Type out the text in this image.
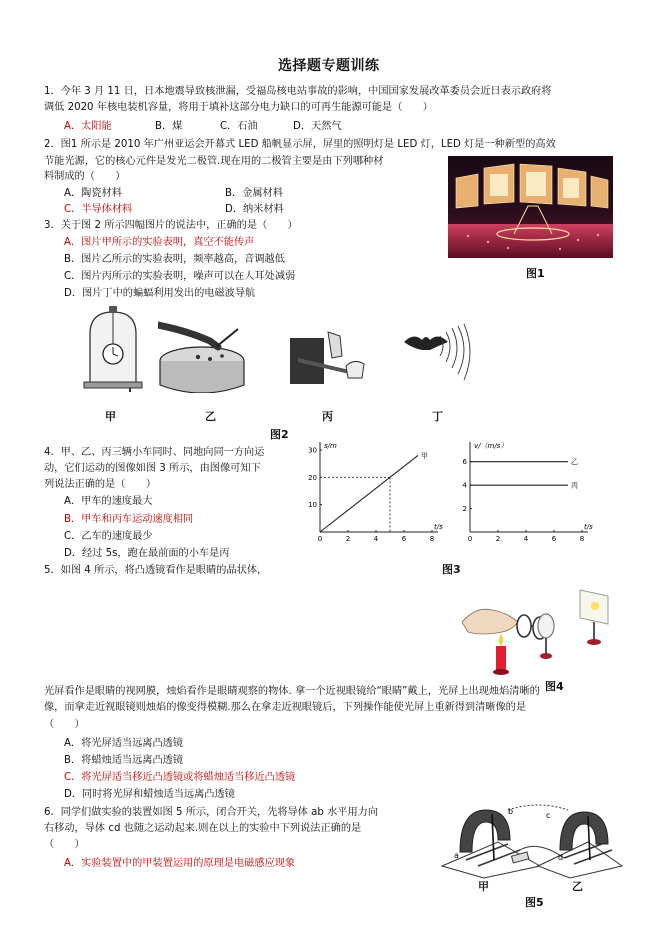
选择题专题训练
1．今年 3 月 11 日，日本地震导致核泄漏，受福岛核电站事故的影响，中国国家发展改革委员会近日表示政府将
调低 2020 年核电装机容量，将用于填补这部分电力缺口的可再生能源可能是（　　）
A．太阳能	B．煤	C．石油	D．天然气
2．图1 所示是 2010 年广州亚运会开幕式 LED 船帆显示屏，屏里的照明灯是 LED 灯，LED 灯是一种新型的高效
节能光源，它的核心元件是发光二极管.现在用的二极管主要是由下列哪种材
料制成的（　　）
A．陶瓷材料	B．金属材料
C．半导体材料	D．纳米材料
图1
3．关于图 2 所示四幅图片的说法中，正确的是（　　）
A．图片甲所示的实验表明，真空不能传声
B．图片乙所示的实验表明，频率越高，音调越低
C．图片丙所示的实验表明，噪声可以在人耳处减弱
D．图片丁中的蝙蝠利用发出的电磁波导航
甲	乙	丙	丁
图2
4．甲、乙、丙三辆小车同时、同地向同一方向运
动，它们运动的图像如图 3 所示，由图像可知下
列说法正确的是（　　）
A．甲车的速度最大
B．甲车和丙车运动速度相同
C．乙车的速度最少
D．经过 5s，跑在最前面的小车是丙
s/m
t/s
0	2	4	6	8
10
20
30
甲
v/（m/s）
t/s
0	2	4	6	8
2
4
6	乙
丙
图3
5．如图 4 所示，将凸透镜看作是眼睛的晶状体，
图4
光屏看作是眼睛的视网膜，烛焰看作是眼睛观察的物体. 拿一个近视眼镜给“眼睛”戴上，光屏上出现烛焰清晰的
像，而拿走近视眼镜则烛焰的像变得模糊.那么在拿走近视眼镜后，下列操作能使光屏上重新得到清晰像的是
（　　）
A．将光屏适当远离凸透镜
B．将蜡烛适当远离凸透镜
C．将光屏适当移近凸透镜或将蜡烛适当移近凸透镜
D．同时将光屏和蜡烛适当远离凸透镜
6．同学们做实验的装置如图 5 所示，闭合开关，先将导体 ab 水平用力向
右移动，导体 cd 也随之运动起来.则在以上的实验中下列说法正确的是
（　　）
A．实验装置中的甲装置运用的原理是电磁感应现象
a
b	c
d
甲	乙
图5
